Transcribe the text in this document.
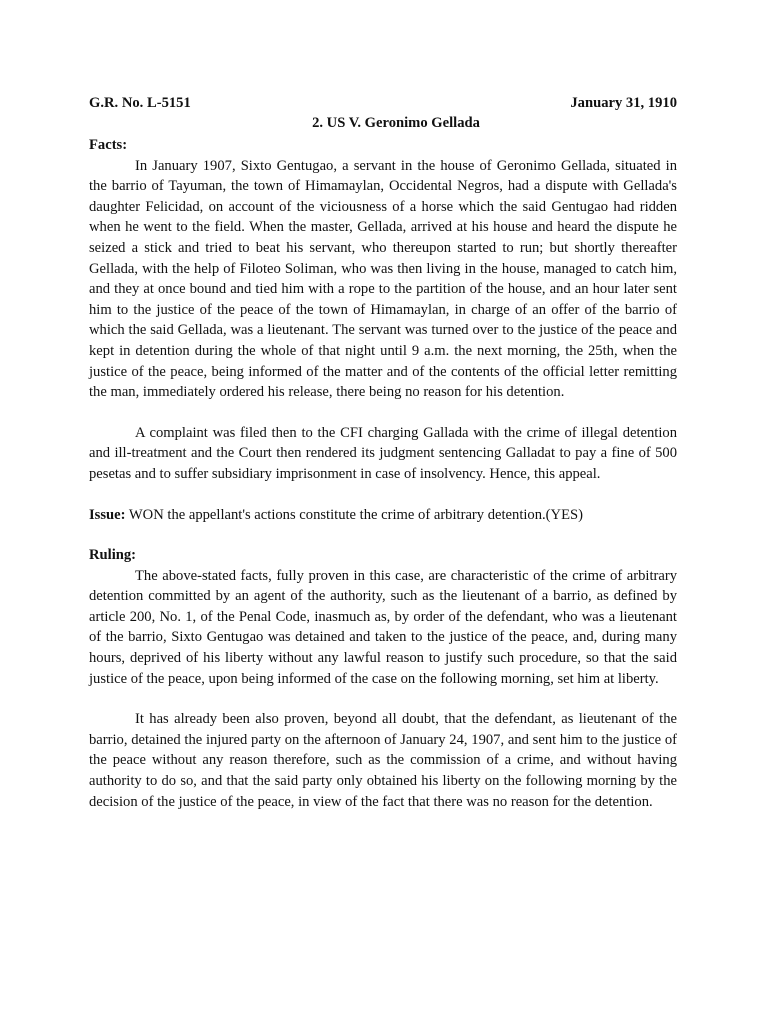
G.R. No. L-5151	January 31, 1910
2. US V. Geronimo Gellada
Facts:

In January 1907, Sixto Gentugao, a servant in the house of Geronimo Gellada, situated in the barrio of Tayuman, the town of Himamaylan, Occidental Negros, had a dispute with Gellada's daughter Felicidad, on account of the viciousness of a horse which the said Gentugao had ridden when he went to the field. When the master, Gellada, arrived at his house and heard the dispute he seized a stick and tried to beat his servant, who thereupon started to run; but shortly thereafter Gellada, with the help of Filoteo Soliman, who was then living in the house, managed to catch him, and they at once bound and tied him with a rope to the partition of the house, and an hour later sent him to the justice of the peace of the town of Himamaylan, in charge of an offer of the barrio of which the said Gellada, was a lieutenant. The servant was turned over to the justice of the peace and kept in detention during the whole of that night until 9 a.m. the next morning, the 25th, when the justice of the peace, being informed of the matter and of the contents of the official letter remitting the man, immediately ordered his release, there being no reason for his detention.

A complaint was filed then to the CFI charging Gallada with the crime of illegal detention and ill-treatment and the Court then rendered its judgment sentencing Galladat to pay a fine of 500 pesetas and to suffer subsidiary imprisonment in case of insolvency. Hence, this appeal.

Issue: WON the appellant's actions constitute the crime of arbitrary detention.(YES)

Ruling:

The above-stated facts, fully proven in this case, are characteristic of the crime of arbitrary detention committed by an agent of the authority, such as the lieutenant of a barrio, as defined by article 200, No. 1, of the Penal Code, inasmuch as, by order of the defendant, who was a lieutenant of the barrio, Sixto Gentugao was detained and taken to the justice of the peace, and, during many hours, deprived of his liberty without any lawful reason to justify such procedure, so that the said justice of the peace, upon being informed of the case on the following morning, set him at liberty.

It has already been also proven, beyond all doubt, that the defendant, as lieutenant of the barrio, detained the injured party on the afternoon of January 24, 1907, and sent him to the justice of the peace without any reason therefore, such as the commission of a crime, and without having authority to do so, and that the said party only obtained his liberty on the following morning by the decision of the justice of the peace, in view of the fact that there was no reason for the detention.
